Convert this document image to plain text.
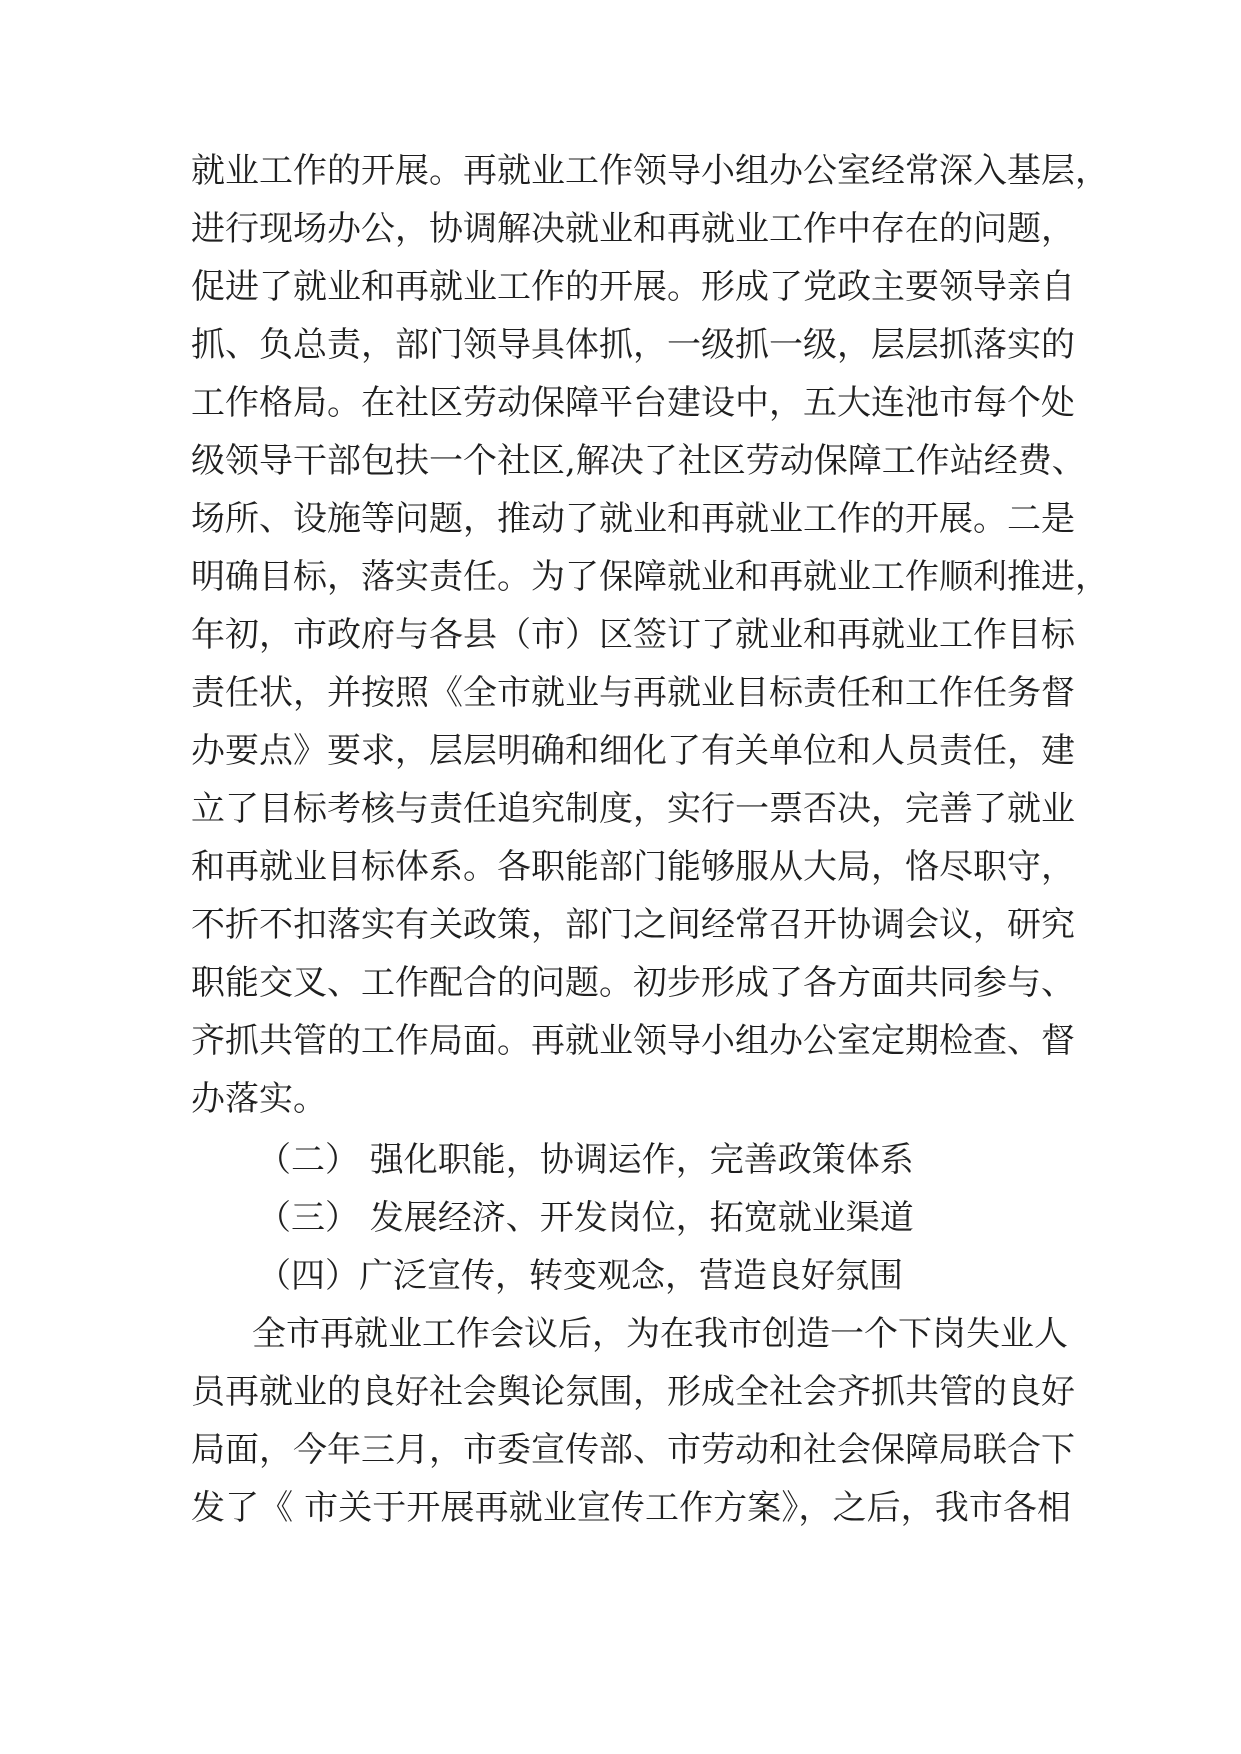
就业工作的开展。再就业工作领导小组办公室经常深入基层，

进行现场办公，协调解决就业和再就业工作中存在的问题，

促进了就业和再就业工作的开展。形成了党政主要领导亲自

抓、负总责，部门领导具体抓，一级抓一级，层层抓落实的

工作格局。在社区劳动保障平台建设中，五大连池市每个处

级领导干部包扶一个社区,解决了社区劳动保障工作站经费、

场所、设施等问题，推动了就业和再就业工作的开展。二是

明确目标，落实责任。为了保障就业和再就业工作顺利推进，

年初，市政府与各县（市）区签订了就业和再就业工作目标

责任状，并按照《全市就业与再就业目标责任和工作任务督

办要点》要求，层层明确和细化了有关单位和人员责任，建

立了目标考核与责任追究制度，实行一票否决，完善了就业

和再就业目标体系。各职能部门能够服从大局，恪尽职守，

不折不扣落实有关政策，部门之间经常召开协调会议，研究

职能交叉、工作配合的问题。初步形成了各方面共同参与、

齐抓共管的工作局面。再就业领导小组办公室定期检查、督

办落实。

（二） 强化职能，协调运作，完善政策体系

（三） 发展经济、开发岗位，拓宽就业渠道

（四）广泛宣传，转变观念，营造良好氛围

全市再就业工作会议后，为在我市创造一个下岗失业人

员再就业的良好社会舆论氛围，形成全社会齐抓共管的良好

局面，今年三月，市委宣传部、市劳动和社会保障局联合下

发了《 市关于开展再就业宣传工作方案》，之后，我市各相
